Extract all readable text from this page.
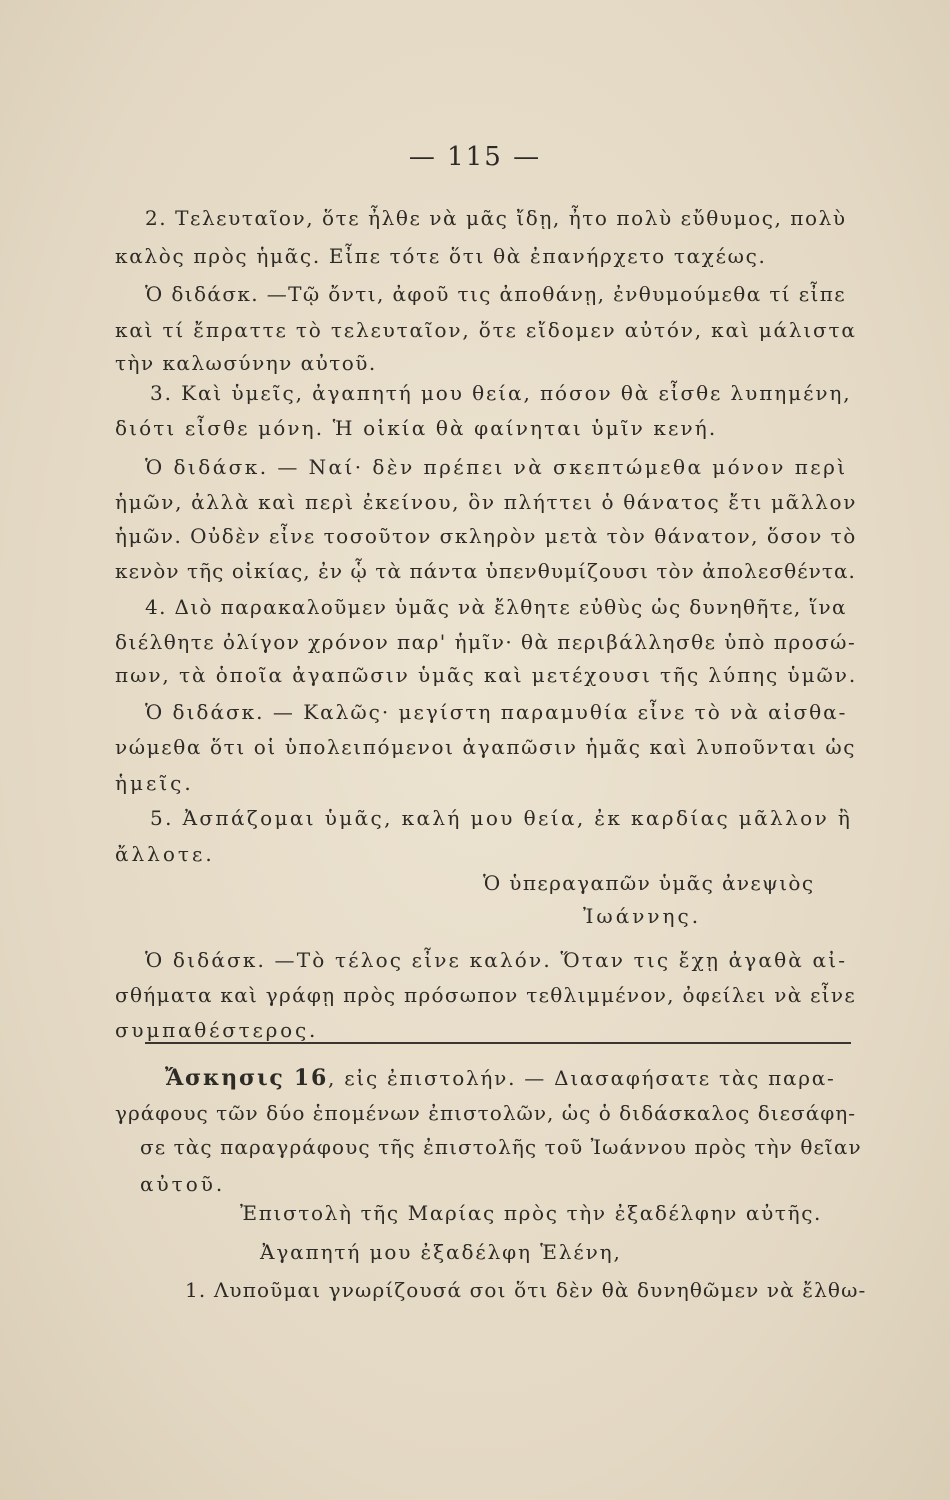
— 115 —
2. Τελευταῖον, ὅτε ἦλθε νὰ μᾶς ἴδῃ, ἦτο πολὺ εὔθυμος, πολὺ
καλὸς πρὸς ἡμᾶς. Εἶπε τότε ὅτι θὰ ἐπανήρχετο ταχέως.
Ὁ διδάσκ. —Τῷ ὄντι, ἀφοῦ τις ἀποθάνῃ, ἐνθυμούμεθα τί εἶπε
καὶ τί ἔπραττε τὸ τελευταῖον, ὅτε εἴδομεν αὐτόν, καὶ μάλιστα
τὴν καλωσύνην αὐτοῦ.
3. Καὶ ὑμεῖς, ἀγαπητή μου θεία, πόσον θὰ εἶσθε λυπημένη,
διότι εἶσθε μόνη. Ἡ οἰκία θὰ φαίνηται ὑμῖν κενή.
Ὁ διδάσκ. — Ναί· δὲν πρέπει νὰ σκεπτώμεθα μόνον περὶ
ἡμῶν, ἀλλὰ καὶ περὶ ἐκείνου, ὃν πλήττει ὁ θάνατος ἔτι μᾶλλον
ἡμῶν. Οὐδὲν εἶνε τοσοῦτον σκληρὸν μετὰ τὸν θάνατον, ὅσον τὸ
κενὸν τῆς οἰκίας, ἐν ᾧ τὰ πάντα ὑπενθυμίζουσι τὸν ἀπολεσθέντα.
4. Διὸ παρακαλοῦμεν ὑμᾶς νὰ ἔλθητε εὐθὺς ὡς δυνηθῆτε, ἵνα
διέλθητε ὀλίγον χρόνον παρ' ἡμῖν· θὰ περιβάλλησθε ὑπὸ προσώ-
πων, τὰ ὁποῖα ἀγαπῶσιν ὑμᾶς καὶ μετέχουσι τῆς λύπης ὑμῶν.
Ὁ διδάσκ. — Καλῶς· μεγίστη παραμυθία εἶνε τὸ νὰ αἰσθα-
νώμεθα ὅτι οἱ ὑπολειπόμενοι ἀγαπῶσιν ἡμᾶς καὶ λυποῦνται ὡς
ἡμεῖς.
5. Ἀσπάζομαι ὑμᾶς, καλή μου θεία, ἐκ καρδίας μᾶλλον ἢ
ἄλλοτε.
Ὁ ὑπεραγαπῶν ὑμᾶς ἀνεψιὸς
Ἰωάννης.
Ὁ διδάσκ. —Τὸ τέλος εἶνε καλόν. Ὅταν τις ἔχῃ ἀγαθὰ αἰ-
σθήματα καὶ γράφῃ πρὸς πρόσωπον τεθλιμμένον, ὀφείλει νὰ εἶνε
συμπαθέστερος.
Ἄσκησις 16, εἰς ἐπιστολήν. — Διασαφήσατε τὰς παρα-
γράφους τῶν δύο ἑπομένων ἐπιστολῶν, ὡς ὁ διδάσκαλος διεσάφη-
σε τὰς παραγράφους τῆς ἐπιστολῆς τοῦ Ἰωάννου πρὸς τὴν θεῖαν
αὐτοῦ.
Ἐπιστολὴ τῆς Μαρίας πρὸς τὴν ἐξαδέλφην αὐτῆς.
Ἀγαπητή μου ἐξαδέλφη Ἑλένη,
1. Λυποῦμαι γνωρίζουσά σοι ὅτι δὲν θὰ δυνηθῶμεν νὰ ἔλθω-
